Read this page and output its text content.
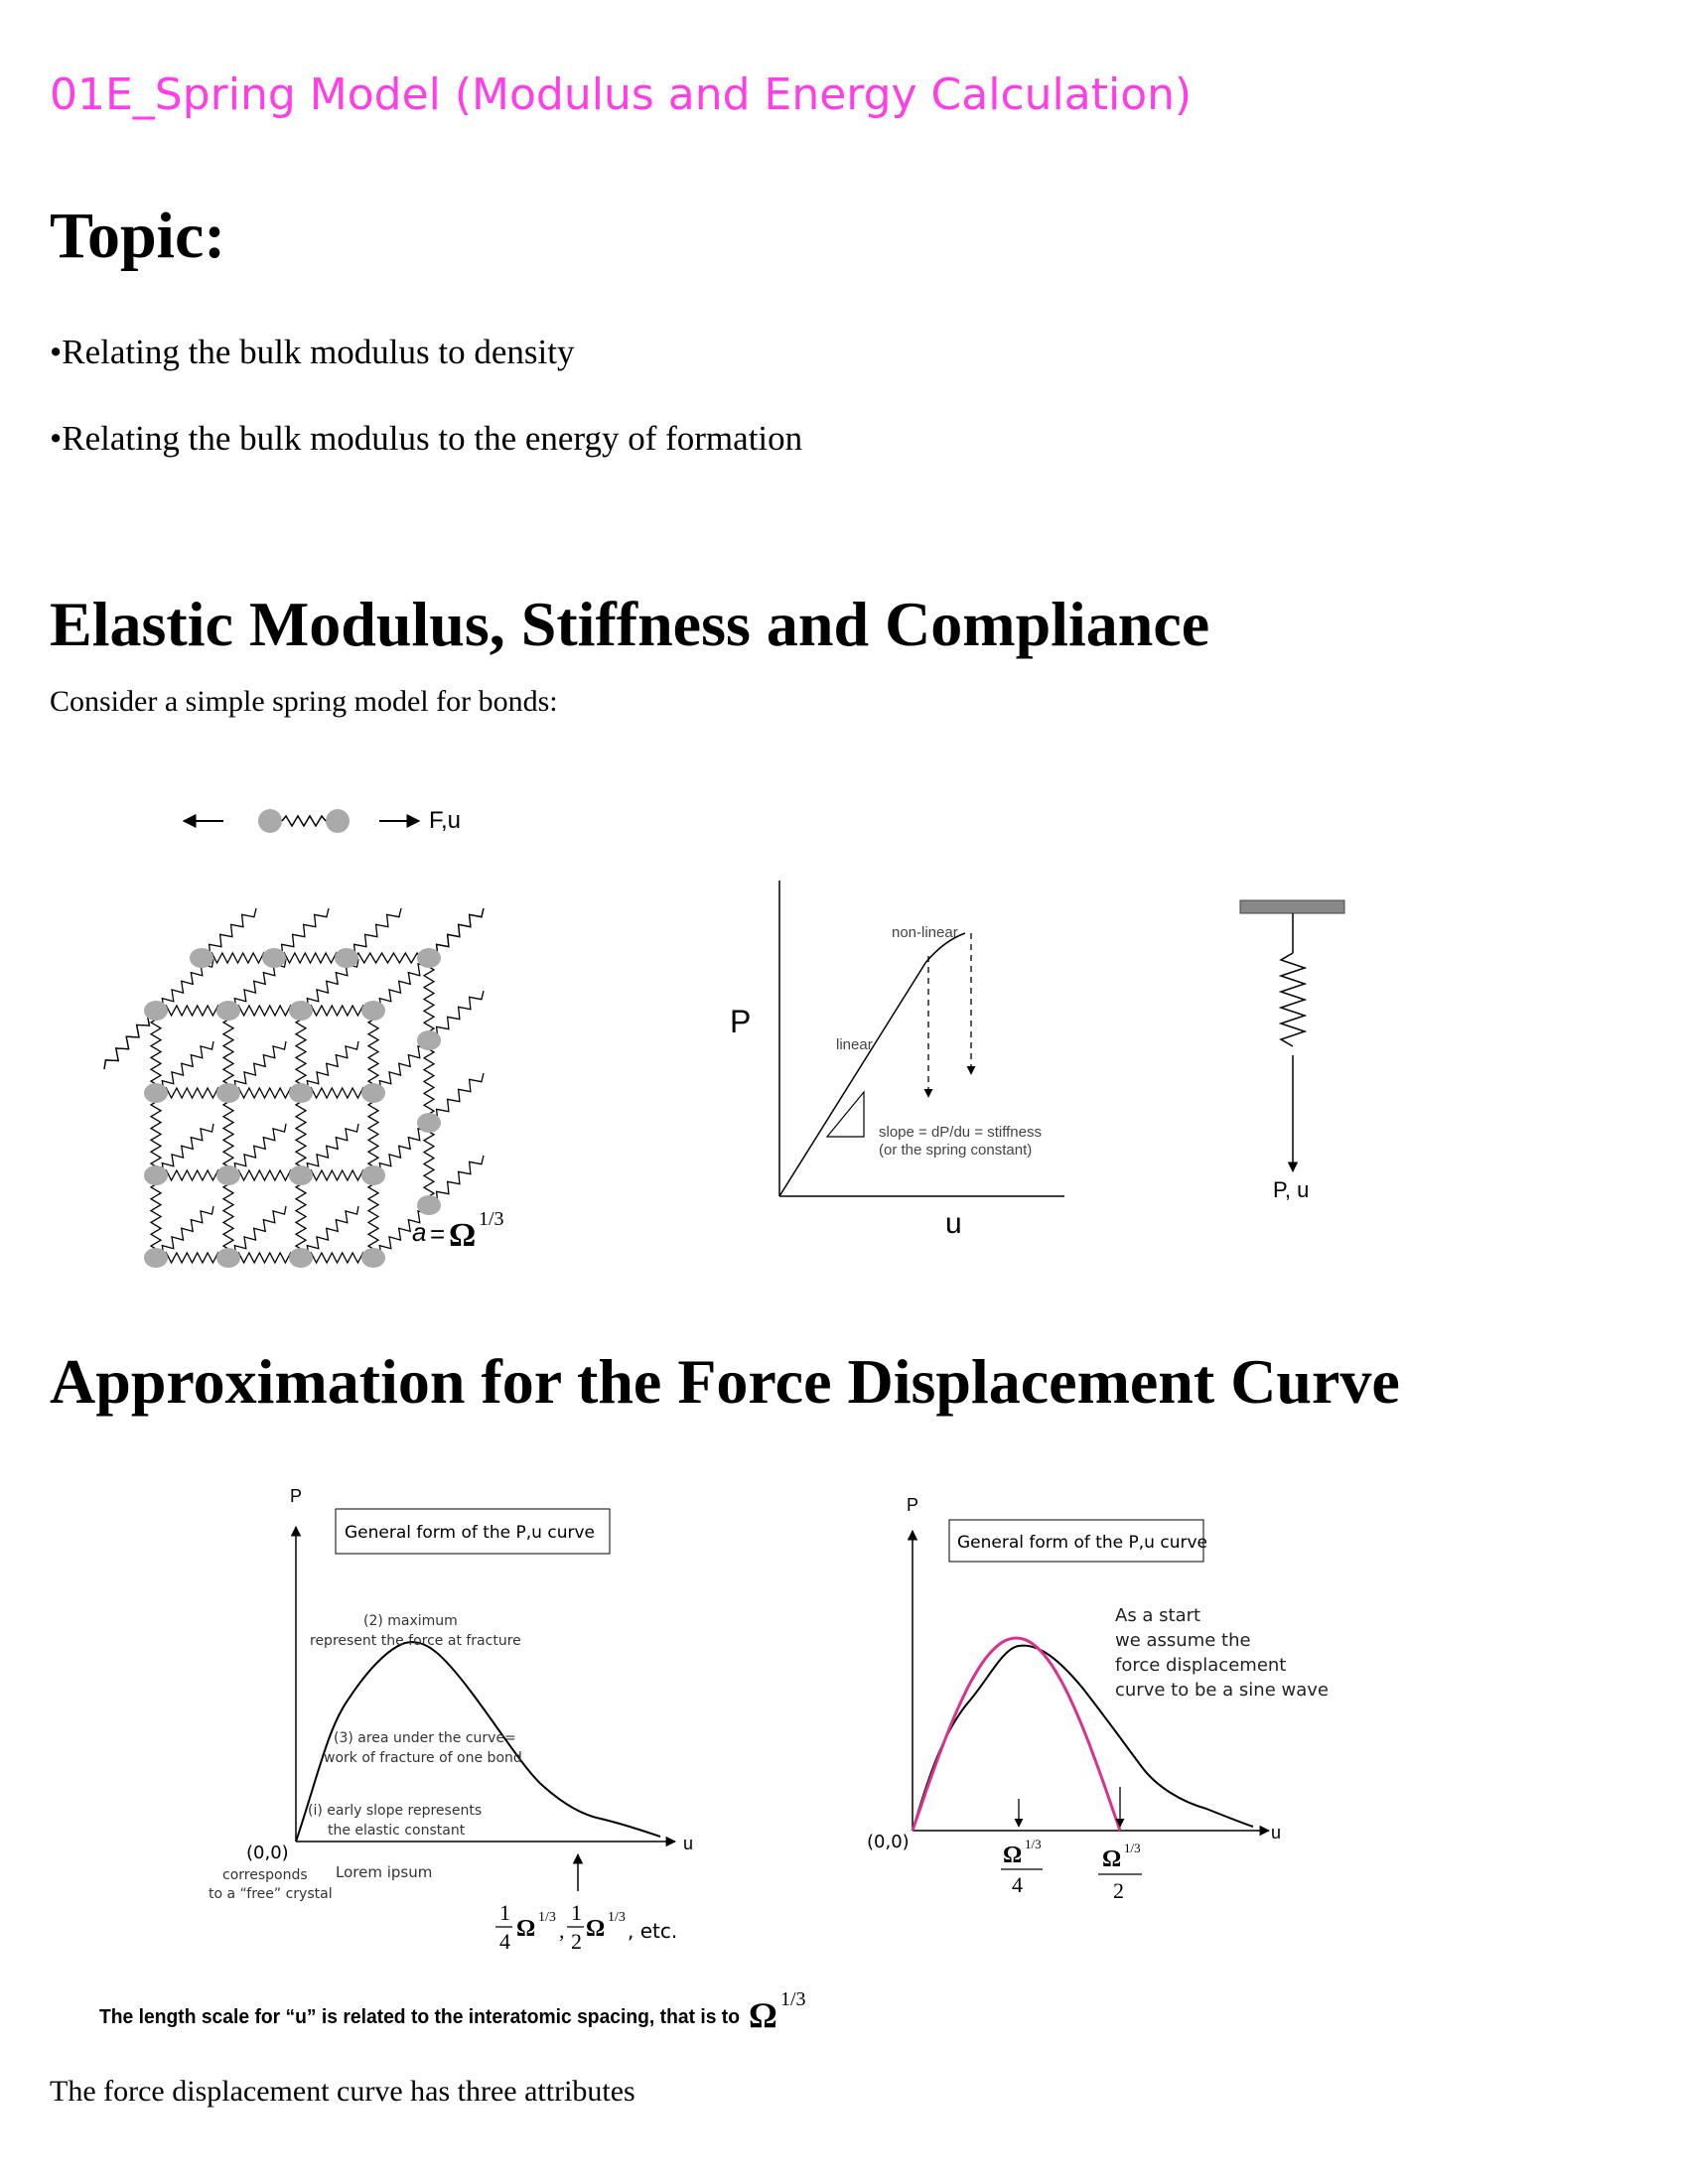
01E_Spring Model (Modulus and Energy Calculation)
Topic:
•Relating the bulk modulus to density
•Relating the bulk modulus to the energy of formation
Elastic Modulus, Stiffness and Compliance
Consider a simple spring model for bonds:
F,u
a = Ω 1/3
P
u
non-linear
linear
slope = dP/du = stiffness
(or the spring constant)
P, u
P
u
General form of the P,u curve
(2) maximum
represent the force at fracture
(3) area under the curve=
work of fracture of one bond
(i) early slope represents
the elastic constant
(0,0)
corresponds
to a “free” crystal
Lorem ipsum
1
4 Ω 1/3
,
1
2 Ω 1/3
, etc.
P
u
General form of the P,u curve
As a start
we assume the
force displacement
curve to be a sine wave
(0,0)
Ω 1/3
4
Ω 1/3
2
The length scale for “u” is related to the interatomic spacing, that is to Ω 1/3
Approximation for the Force Displacement Curve
The force displacement curve has three attributes
